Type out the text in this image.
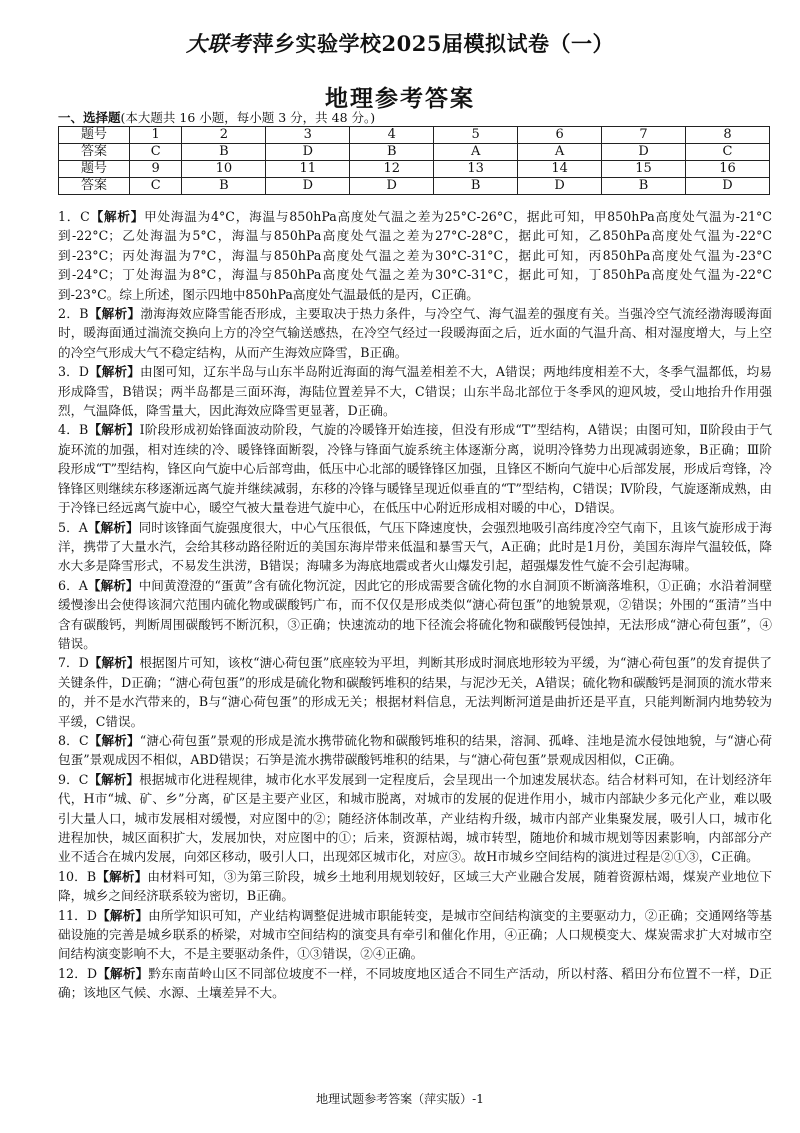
大联考萍乡实验学校2025届模拟试卷（一）
地理参考答案
一、选择题(本大题共 16 小题，每小题 3 分，共 48 分。)
题号	1	2	3	4	5	6	7	8
答案	C	B	D	B	A	A	D	C
题号	9	10	11	12	13	14	15	16
答案	C	B	D	D	B	D	B	D

1．C【解析】甲处海温为4°C，海温与850hPa高度处气温之差为25°C-26°C，据此可知，甲850hPa高度处气温为-21°C到-22°C；乙处海温为5°C，海温与850hPa高度处气温之差为27°C-28°C，据此可知，乙850hPa高度处气温为-22°C到-23°C；丙处海温为7°C，海温与850hPa高度处气温之差为30°C-31°C，据此可知，丙850hPa高度处气温为-23°C到-24°C；丁处海温为8°C，海温与850hPa高度处气温之差为30°C-31°C，据此可知，丁850hPa高度处气温为-22°C到-23°C。综上所述，图示四地中850hPa高度处气温最低的是丙，C正确。

2．B【解析】渤海海效应降雪能否形成，主要取决于热力条件，与冷空气、海气温差的强度有关。当强冷空气流经渤海暖海面时，暖海面通过湍流交换向上方的冷空气输送感热，在冷空气经过一段暖海面之后，近水面的气温升高、相对湿度增大，与上空的冷空气形成大气不稳定结构，从而产生海效应降雪，B正确。

3．D【解析】由图可知，辽东半岛与山东半岛附近海面的海气温差相差不大，A错误；两地纬度相差不大，冬季气温都低，均易形成降雪，B错误；两半岛都是三面环海，海陆位置差异不大，C错误；山东半岛北部位于冬季风的迎风坡，受山地抬升作用强烈，气温降低，降雪量大，因此海效应降雪更显著，D正确。

4．B【解析】Ⅰ阶段形成初始锋面波动阶段，气旋的冷暖锋开始连接，但没有形成“T”型结构，A错误；由图可知，Ⅱ阶段由于气旋环流的加强，相对连续的冷、暖锋锋面断裂，冷锋与锋面气旋系统主体逐渐分离，说明冷锋势力出现减弱迹象，B正确；Ⅲ阶段形成“T”型结构，锋区向气旋中心后部弯曲，低压中心北部的暖锋锋区加强，且锋区不断向气旋中心后部发展，形成后弯锋，冷锋锋区则继续东移逐渐远离气旋并继续减弱，东移的冷锋与暖锋呈现近似垂直的“T”型结构，C错误；Ⅳ阶段，气旋逐渐成熟，由于冷锋已经远离气旋中心，暖空气被大量卷进气旋中心，在低压中心附近形成相对暖的中心，D错误。

5．A【解析】同时该锋面气旋强度很大，中心气压很低，气压下降速度快，会强烈地吸引高纬度冷空气南下，且该气旋形成于海洋，携带了大量水汽，会给其移动路径附近的美国东海岸带来低温和暴雪天气，A正确；此时是1月份，美国东海岸气温较低，降水大多是降雪形式，不易发生洪涝，B错误；海啸多为海底地震或者火山爆发引起，超强爆发性气旋不会引起海啸。

6．A【解析】中间黄澄澄的“蛋黄”含有硫化物沉淀，因此它的形成需要含硫化物的水自洞顶不断滴落堆积，①正确；水沿着洞壁缓慢渗出会使得该洞穴范围内硫化物或碳酸钙广布，而不仅仅是形成类似“溏心荷包蛋”的地貌景观，②错误；外围的“蛋清”当中含有碳酸钙，判断周围碳酸钙不断沉积，③正确；快速流动的地下径流会将硫化物和碳酸钙侵蚀掉，无法形成“溏心荷包蛋”，④错误。

7．D【解析】根据图片可知，该枚“溏心荷包蛋”底座较为平坦，判断其形成时洞底地形较为平缓，为“溏心荷包蛋”的发育提供了关键条件，D正确；“溏心荷包蛋”的形成是硫化物和碳酸钙堆积的结果，与泥沙无关，A错误；硫化物和碳酸钙是洞顶的流水带来的，并不是水汽带来的，B与“溏心荷包蛋”的形成无关；根据材料信息，无法判断河道是曲折还是平直，只能判断洞内地势较为平缓，C错误。

8．C【解析】“溏心荷包蛋”景观的形成是流水携带硫化物和碳酸钙堆积的结果，溶洞、孤峰、洼地是流水侵蚀地貌，与“溏心荷包蛋”景观成因不相似，ABD错误；石笋是流水携带碳酸钙堆积的结果，与“溏心荷包蛋”景观成因相似，C正确。

9．C【解析】根据城市化进程规律，城市化水平发展到一定程度后，会呈现出一个加速发展状态。结合材料可知，在计划经济年代，H市“城、矿、乡”分离，矿区是主要产业区，和城市脱离，对城市的发展的促进作用小，城市内部缺少多元化产业，难以吸引大量人口，城市发展相对缓慢，对应图中的②；随经济体制改革，产业结构升级，城市内部产业集聚发展，吸引人口，城市化进程加快，城区面积扩大，发展加快，对应图中的①；后来，资源枯竭，城市转型，随地价和城市规划等因素影响，内部部分产业不适合在城内发展，向郊区移动，吸引人口，出现郊区城市化，对应③。故H市城乡空间结构的演进过程是②①③，C正确。

10．B【解析】由材料可知，③为第三阶段，城乡土地利用规划较好，区域三大产业融合发展，随着资源枯竭，煤炭产业地位下降，城乡之间经济联系较为密切，B正确。

11．D【解析】由所学知识可知，产业结构调整促进城市职能转变，是城市空间结构演变的主要驱动力，②正确；交通网络等基础设施的完善是城乡联系的桥梁，对城市空间结构的演变具有牵引和催化作用，④正确；人口规模变大、煤炭需求扩大对城市空间结构演变影响不大，不是主要驱动条件，①③错误，②④正确。

12．D【解析】黔东南苗岭山区不同部位坡度不一样，不同坡度地区适合不同生产活动，所以村落、稻田分布位置不一样，D正确；该地区气候、水源、土壤差异不大。

地理试题参考答案（萍实版）-1
